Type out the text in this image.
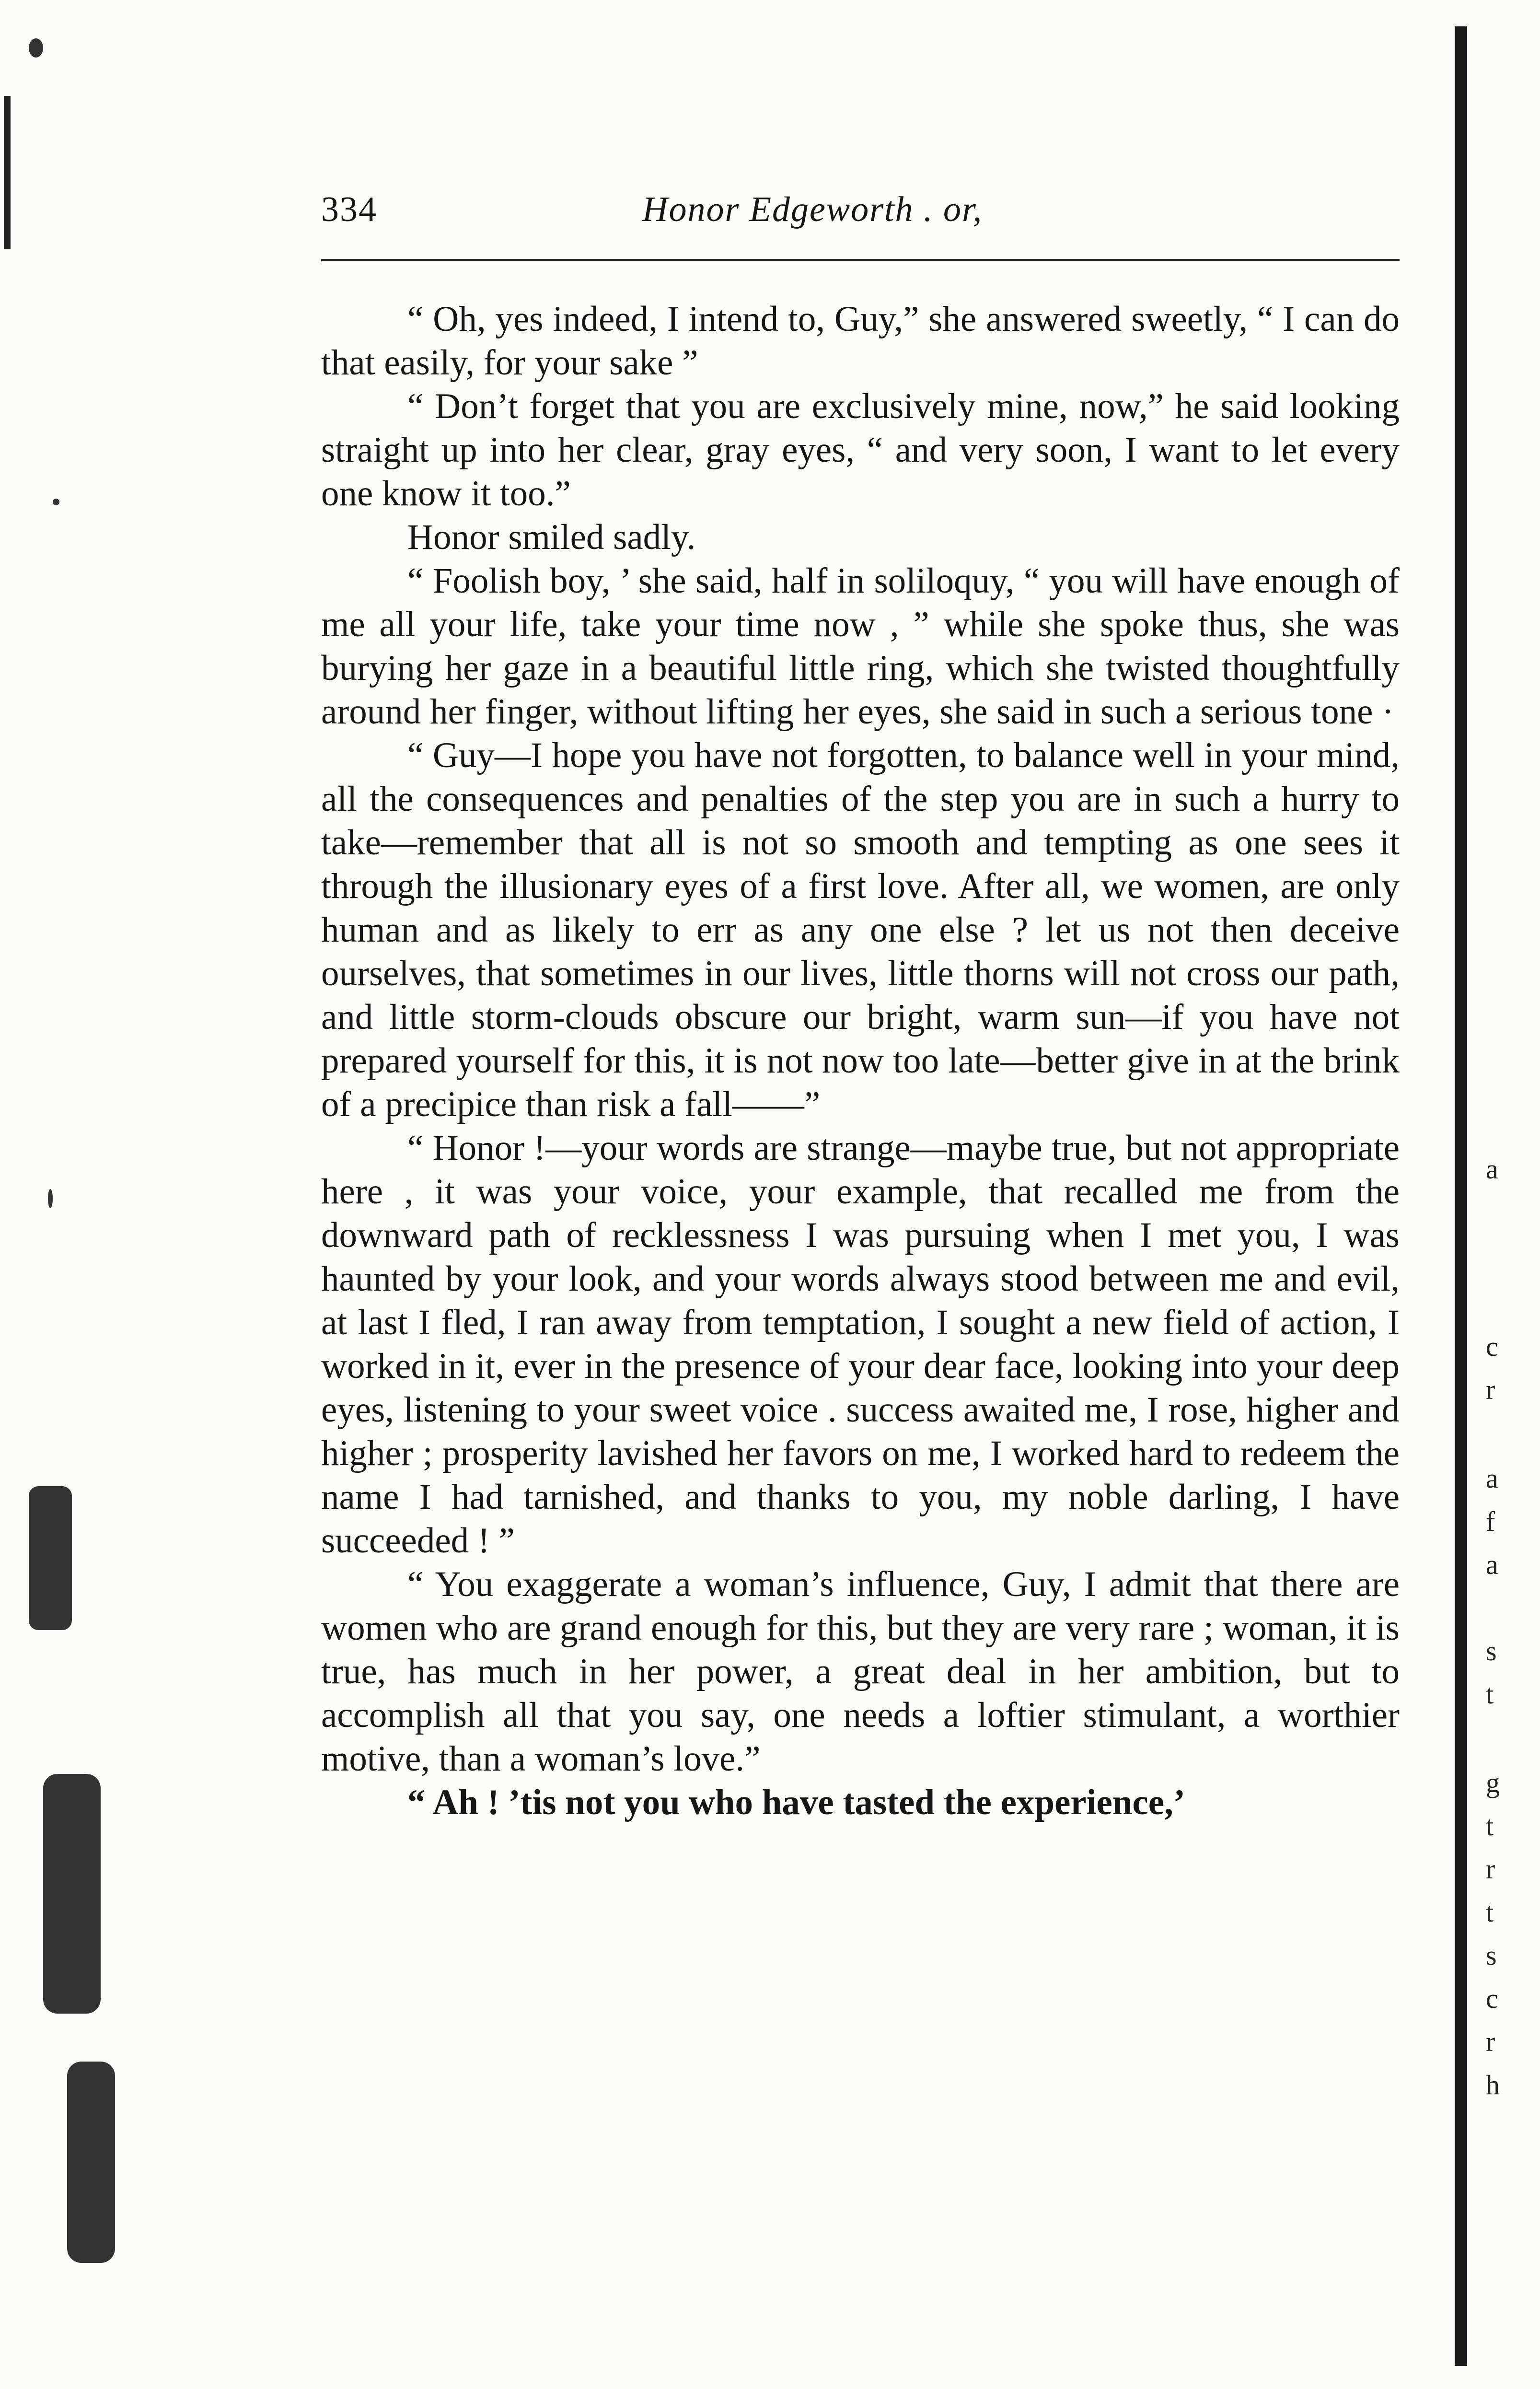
a
c
r
a
f
a
s
t
g
t
r
t
s
c
r
h
334	Honor Edgeworth . or,

“ Oh, yes indeed, I intend to, Guy,” she answered sweetly, “ I can do that easily, for your sake ”

“ Don’t forget that you are exclusively mine, now,” he said looking straight up into her clear, gray eyes, “ and very soon, I want to let every one know it too.”

Honor smiled sadly.

“ Foolish boy, ’ she said, half in soliloquy, “ you will have enough of me all your life, take your time now , ” while she spoke thus, she was burying her gaze in a beautiful little ring, which she twisted thoughtfully around her finger, without lifting her eyes, she said in such a serious tone ·

“ Guy—I hope you have not forgotten, to balance well in your mind, all the consequences and penalties of the step you are in such a hurry to take—remember that all is not so smooth and tempting as one sees it through the illusionary eyes of a first love. After all, we women, are only human and as likely to err as any one else ? let us not then deceive ourselves, that sometimes in our lives, little thorns will not cross our path, and little storm-clouds obscure our bright, warm sun—if you have not prepared yourself for this, it is not now too late—better give in at the brink of a precipice than risk a fall——”

“ Honor !—your words are strange—maybe true, but not appropriate here , it was your voice, your example, that recalled me from the downward path of recklessness I was pursuing when I met you, I was haunted by your look, and your words always stood between me and evil, at last I fled, I ran away from temptation, I sought a new field of action, I worked in it, ever in the presence of your dear face, looking into your deep eyes, listening to your sweet voice . success awaited me, I rose, higher and higher ; prosperity lavished her favors on me, I worked hard to redeem the name I had tarnished, and thanks to you, my noble darling, I have succeeded ! ”

“ You exaggerate a woman’s influence, Guy, I admit that there are women who are grand enough for this, but they are very rare ; woman, it is true, has much in her power, a great deal in her ambition, but to accomplish all that you say, one needs a loftier stimulant, a worthier motive, than a woman’s love.”

“ Ah ! ’tis not you who have tasted the experience,’
